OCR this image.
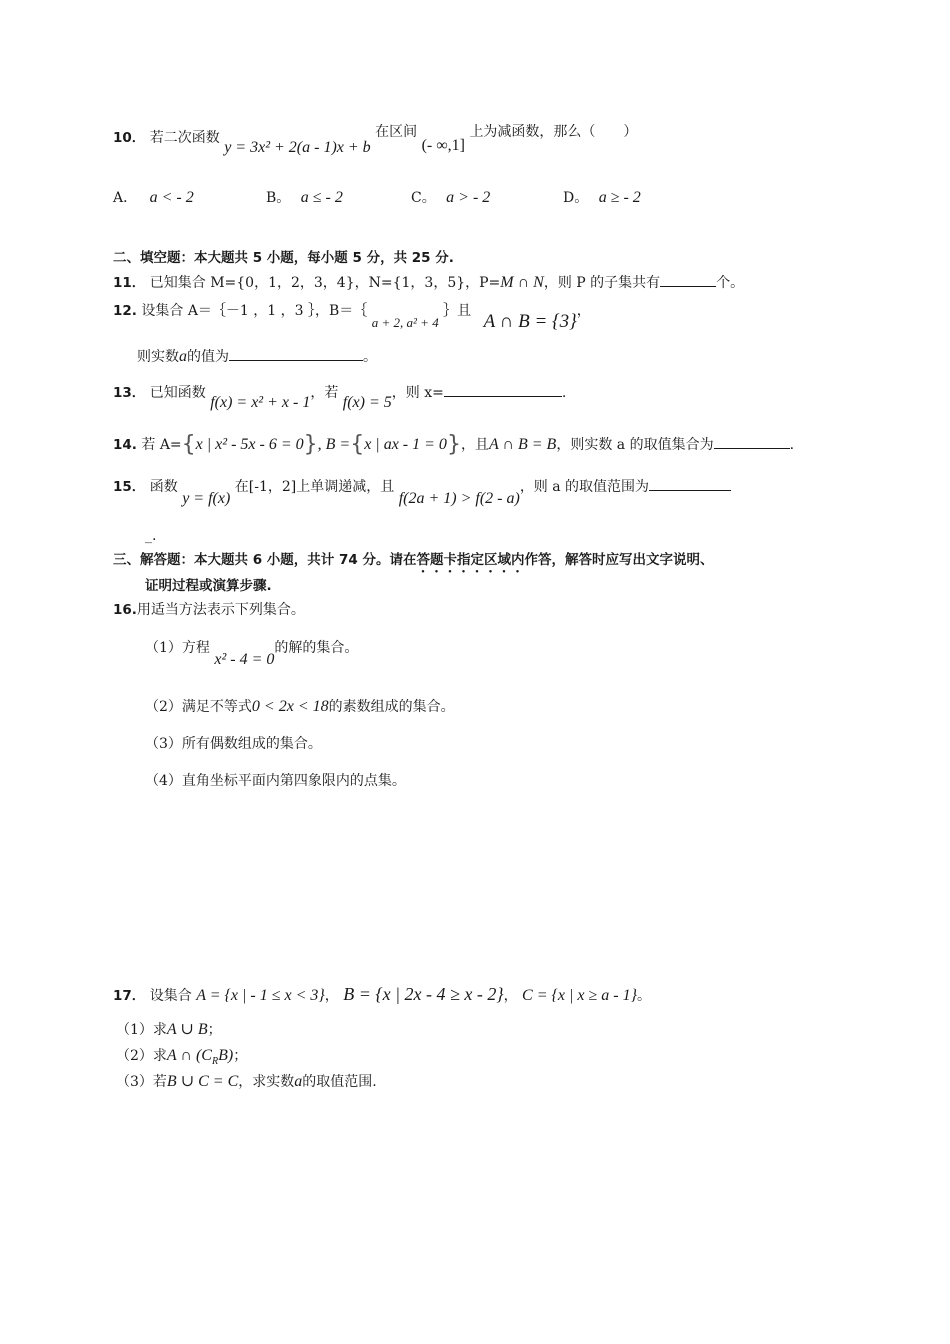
10． 若二次函数 y = 3x² + 2(a - 1)x + b 在区间 (- ∞,1] 上为减函数，那么（　　）
A． a < - 2	B。 a ≤ - 2	C。 a > - 2	D。 a ≥ - 2
二、填空题：本大题共 5 小题，每小题 5 分，共 25 分.
11． 已知集合 M={0，1，2，3，4}，N={1，3，5}，P=M ∩ N，则 P 的子集共有	个。
12. 设集合 A＝｛－1 ，1 ，3 ｝，B＝｛ a + 2, a² + 4 ｝且 A ∩ B = {3}，
则实数a的值为	。
13． 已知函数 f(x) = x² + x - 1，若 f(x) = 5，则 x=	.
14. 若 A={x | x² - 5x - 6 = 0}, B ={x | ax - 1 = 0}，且A ∩ B = B，则实数 a 的取值集合为	.
15． 函数 y = f(x) 在[-1，2]上单调递减，且 f(2a + 1) > f(2 - a)，则 a 的取值范围为
_.
三、解答题：本大题共 6 小题，共计 74 分。请在答题卡指定区域内作答，解答时应写出文字说明、
证明过程或演算步骤.
16.用适当方法表示下列集合。
（1）方程 x² - 4 = 0的解的集合。
（2）满足不等式0 < 2x < 18的素数组成的集合。
（3）所有偶数组成的集合。
（4）直角坐标平面内第四象限内的点集。
17． 设集合 A = {x | - 1 ≤ x < 3}， B = {x | 2x - 4 ≥ x - 2}， C = {x | x ≥ a - 1}。
（1）求A ∪ B；
（2）求A ∩ $(C_RB)$；
（3）若B ∪ C = C，求实数a的取值范围.
